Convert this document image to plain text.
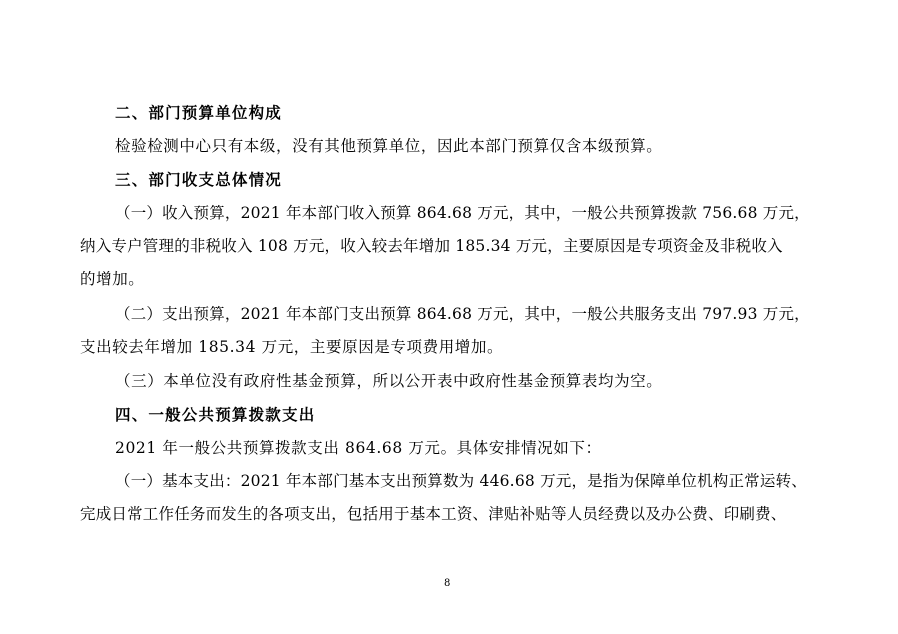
二、部门预算单位构成
检验检测中心只有本级，没有其他预算单位，因此本部门预算仅含本级预算。
三、部门收支总体情况
（一）收入预算，2021 年本部门收入预算 864.68 万元，其中，一般公共预算拨款 756.68 万元，
纳入专户管理的非税收入 108 万元，收入较去年增加 185.34 万元，主要原因是专项资金及非税收入
的增加。
（二）支出预算，2021 年本部门支出预算 864.68 万元，其中，一般公共服务支出 797.93 万元，
支出较去年增加 185.34 万元，主要原因是专项费用增加。
（三）本单位没有政府性基金预算，所以公开表中政府性基金预算表均为空。
四、一般公共预算拨款支出
2021 年一般公共预算拨款支出 864.68 万元。具体安排情况如下：
（一）基本支出：2021 年本部门基本支出预算数为 446.68 万元，是指为保障单位机构正常运转、
完成日常工作任务而发生的各项支出，包括用于基本工资、津贴补贴等人员经费以及办公费、印刷费、
8
